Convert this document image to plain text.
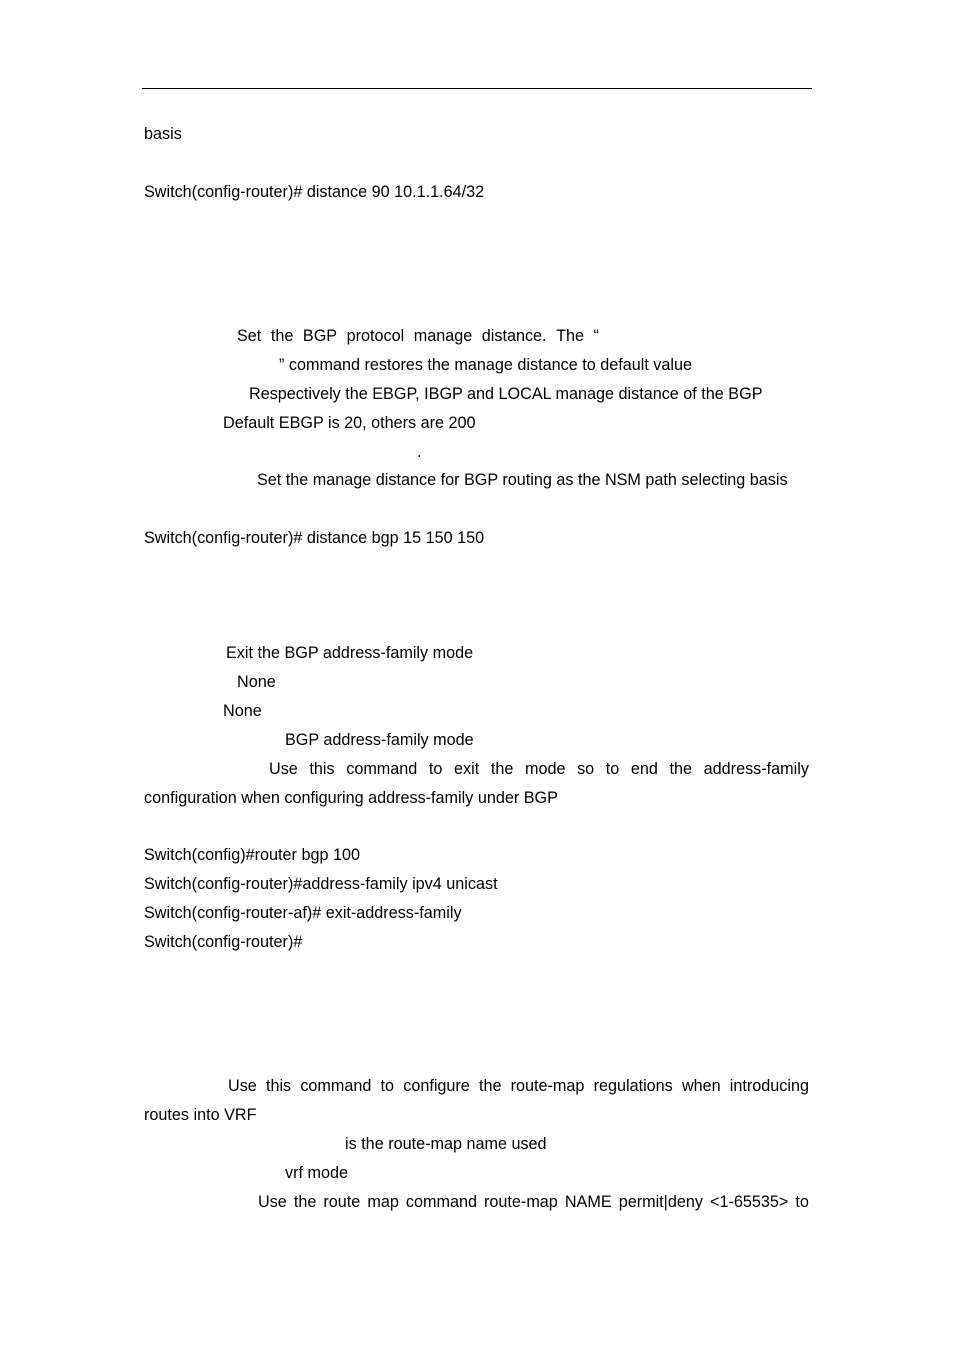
basis
Switch(config-router)# distance 90 10.1.1.64/32
Set the BGP protocol manage distance. The “
” command restores the manage distance to default value
Respectively the EBGP, IBGP and LOCAL manage distance of the BGP
Default EBGP is 20, others are 200
.
Set the manage distance for BGP routing as the NSM path selecting basis
Switch(config-router)# distance bgp 15 150 150
Exit the BGP address-family mode
None
None
BGP address-family mode
Use this command to exit the mode so to end the address-family
configuration when configuring address-family under BGP
Switch(config)#router bgp 100
Switch(config-router)#address-family ipv4 unicast
Switch(config-router-af)# exit-address-family
Switch(config-router)#
Use this command to configure the route-map regulations when introducing
routes into VRF
is the route-map name used
vrf mode
Use the route map command route-map NAME permit|deny <1-65535> to
